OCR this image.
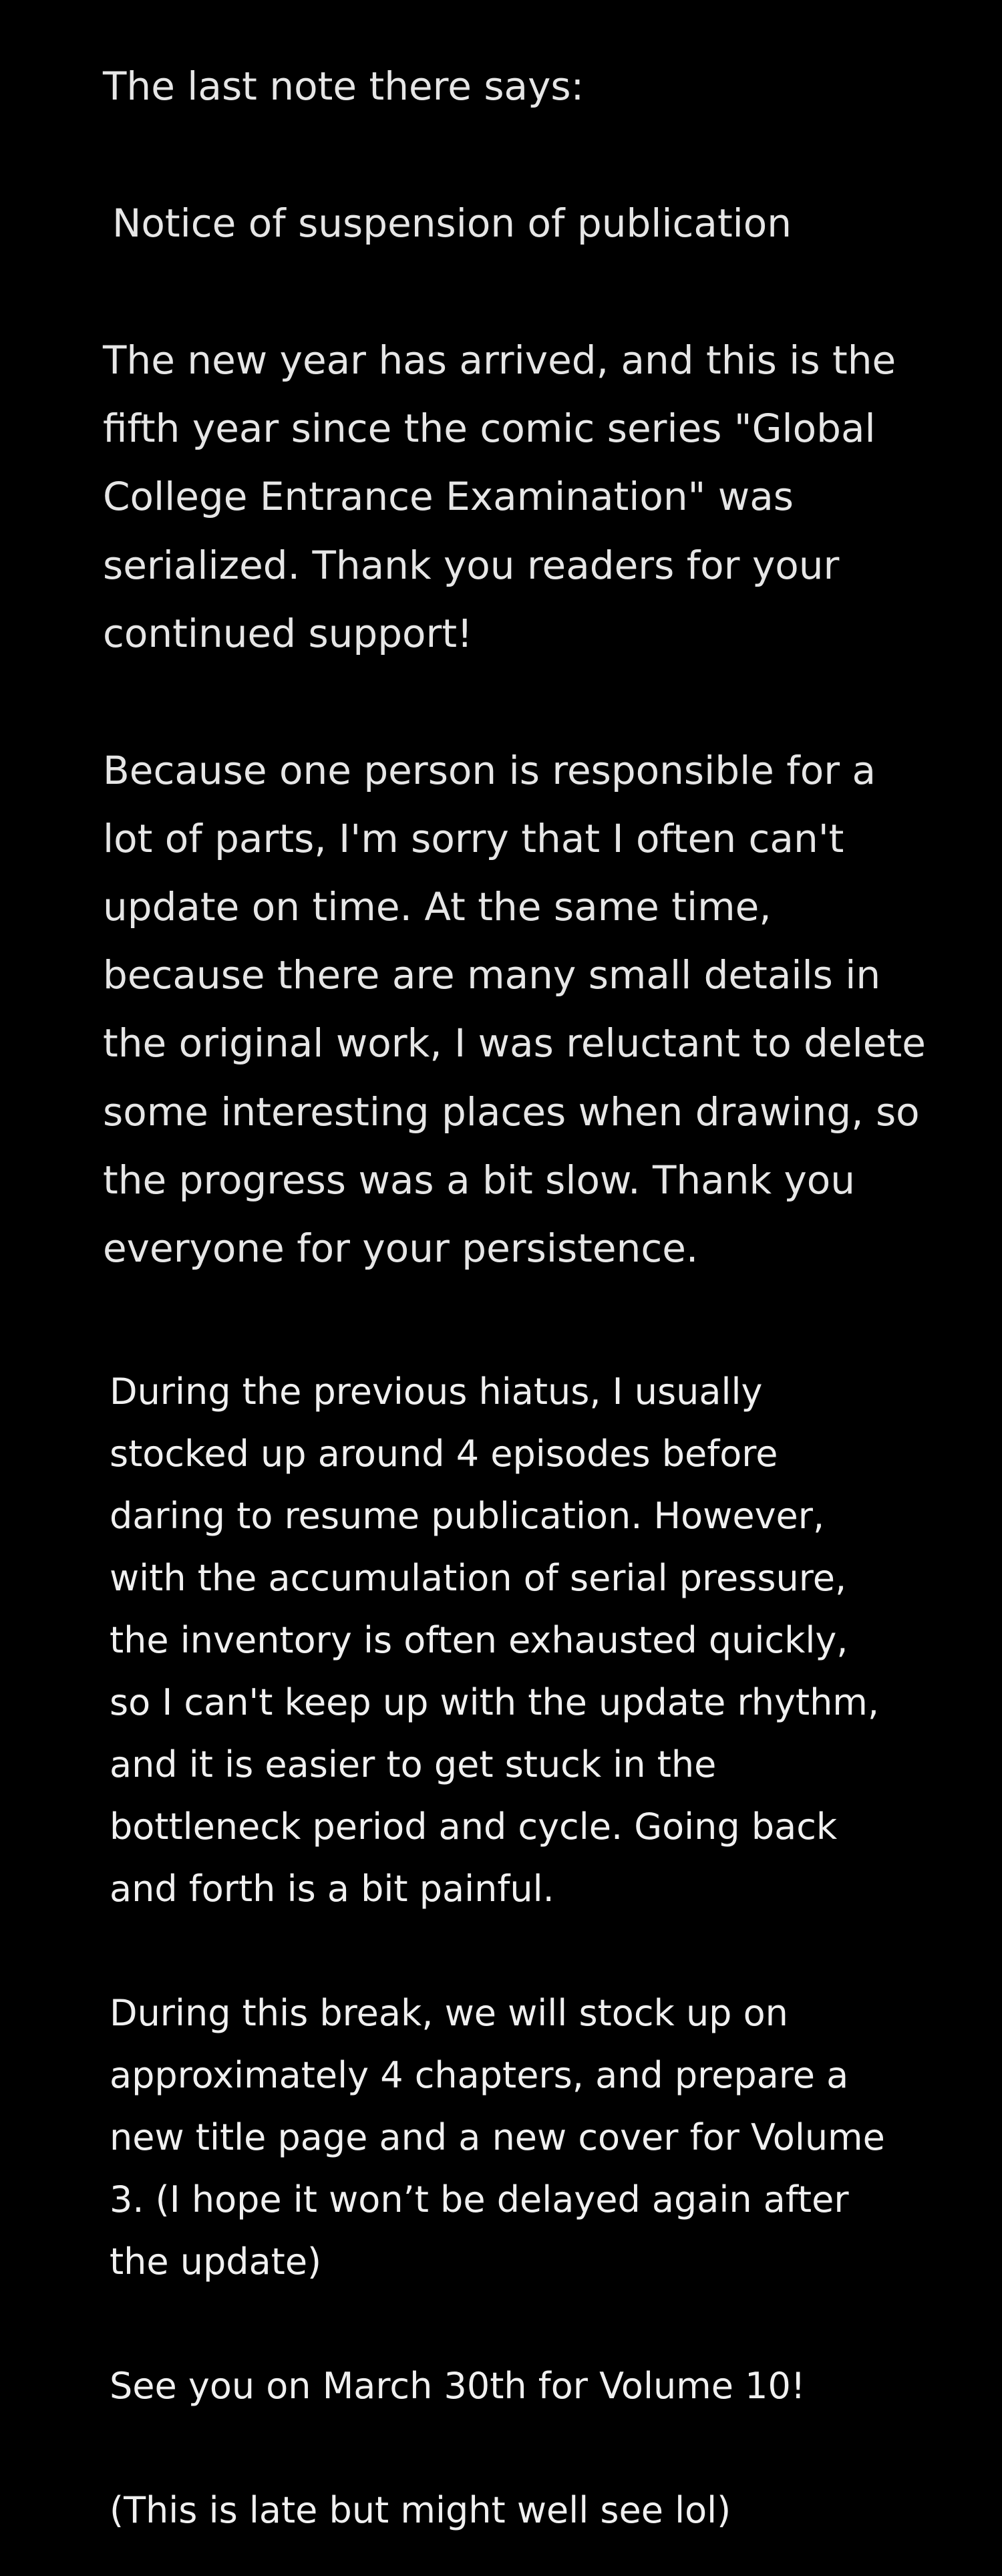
The last note there says:

Notice of suspension of publication

The new year has arrived, and this is the

fifth year since the comic series "Global

College Entrance Examination" was

serialized. Thank you readers for your

continued support!

Because one person is responsible for a

lot of parts, I'm sorry that I often can't

update on time. At the same time,

because there are many small details in

the original work, I was reluctant to delete

some interesting places when drawing, so

the progress was a bit slow. Thank you

everyone for your persistence.

During the previous hiatus, I usually

stocked up around 4 episodes before

daring to resume publication. However,

with the accumulation of serial pressure,

the inventory is often exhausted quickly,

so I can't keep up with the update rhythm,

and it is easier to get stuck in the

bottleneck period and cycle. Going back

and forth is a bit painful.

During this break, we will stock up on

approximately 4 chapters, and prepare a

new title page and a new cover for Volume

3. (I hope it won’t be delayed again after

the update)

See you on March 30th for Volume 10!

(This is late but might well see lol)
